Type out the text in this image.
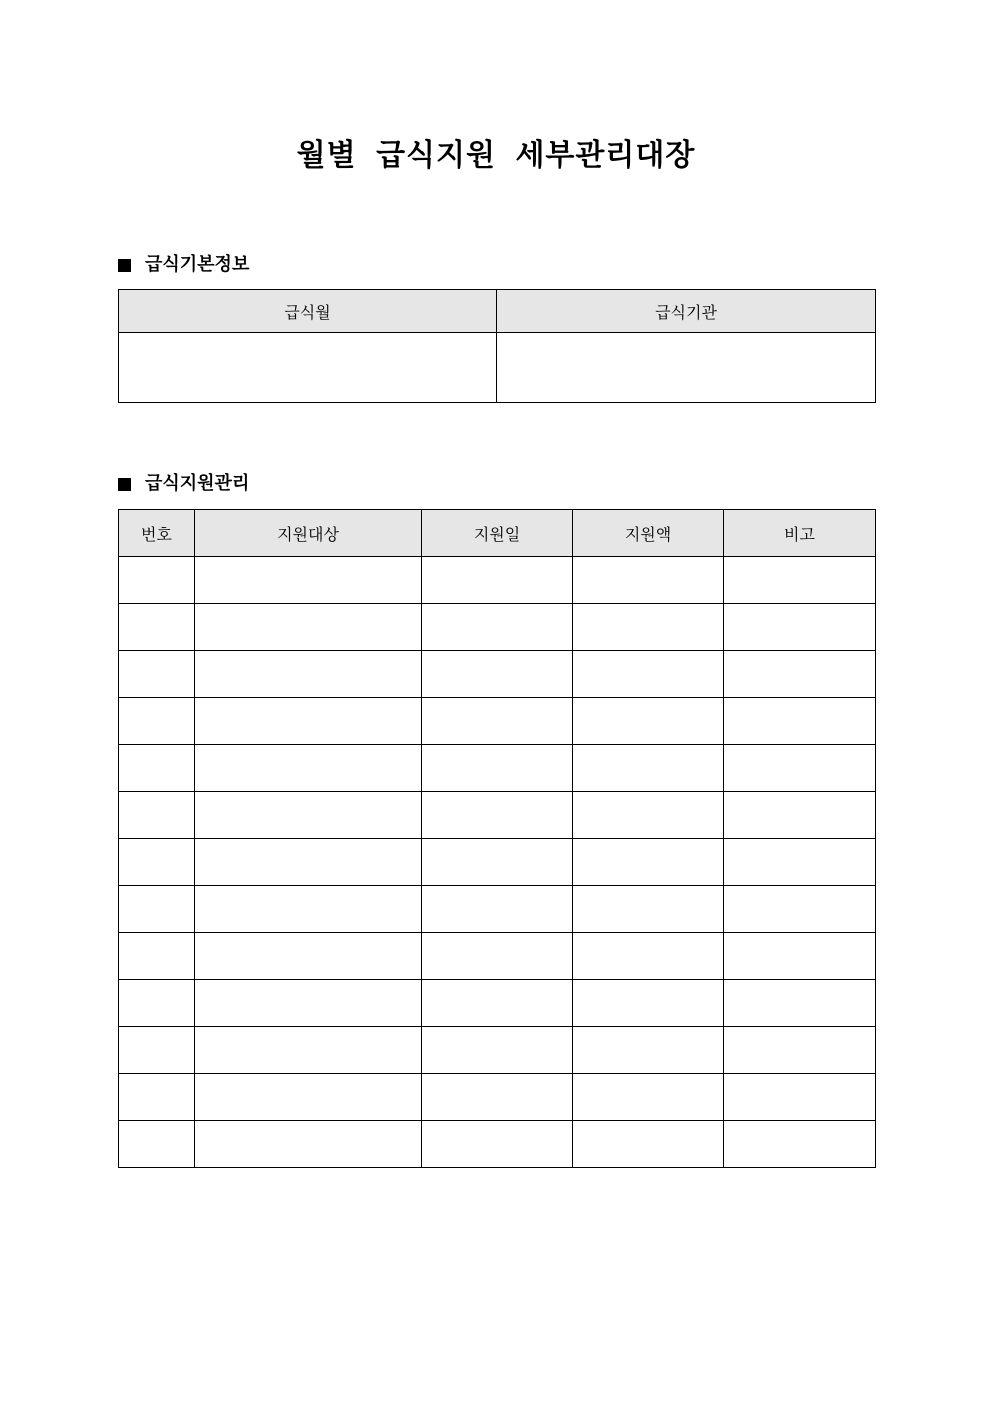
월별 급식지원 세부관리대장
급식기본정보
급식월	급식기관

급식지원관리
번호	지원대상	지원일	지원액	비고
